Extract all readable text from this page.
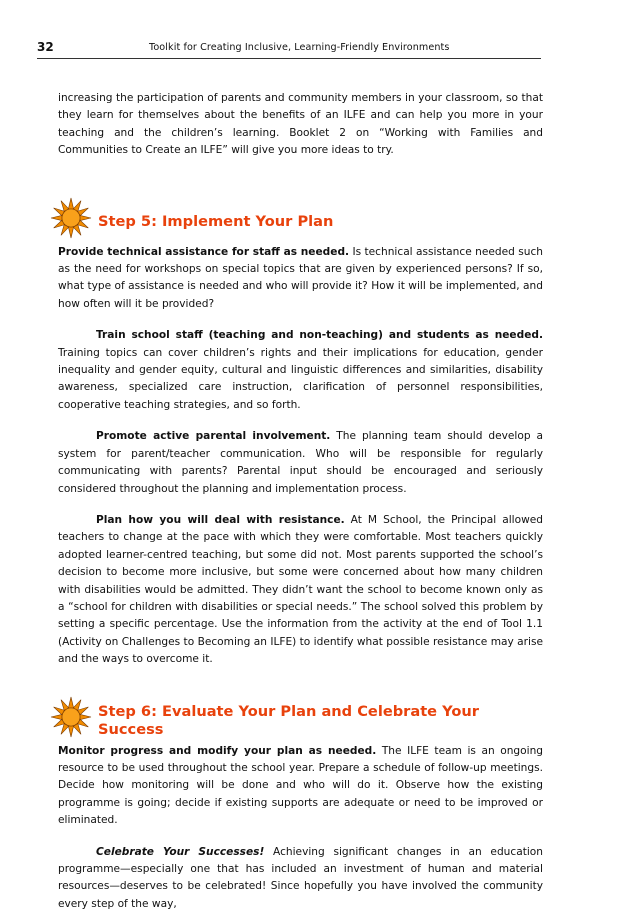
32	Toolkit for Creating Inclusive, Learning-Friendly Environments

increasing the participation of parents and community members in your classroom, so that they learn for themselves about the benefits of an ILFE and can help you more in your teaching and the children’s learning. Booklet 2 on “Working with Families and Communities to Create an ILFE” will give you more ideas to try.

Step 5: Implement Your Plan

Provide technical assistance for staff as needed. Is technical assistance needed such as the need for workshops on special topics that are given by experienced persons? If so, what type of assistance is needed and who will provide it? How it will be implemented, and how often will it be provided?

Train school staff (teaching and non-teaching) and students as needed. Training topics can cover children’s rights and their implications for education, gender inequality and gender equity, cultural and linguistic differences and similarities, disability awareness, specialized care instruction, clarification of personnel responsibilities, cooperative teaching strategies, and so forth.

Promote active parental involvement. The planning team should develop a system for parent/teacher communication. Who will be responsible for regularly communicating with parents? Parental input should be encouraged and seriously considered throughout the planning and implementation process.

Plan how you will deal with resistance. At M School, the Principal allowed teachers to change at the pace with which they were comfortable. Most teachers quickly adopted learner-centred teaching, but some did not. Most parents supported the school’s decision to become more inclusive, but some were concerned about how many children with disabilities would be admitted. They didn’t want the school to become known only as a “school for children with disabilities or special needs.” The school solved this problem by setting a specific percentage. Use the information from the activity at the end of Tool 1.1 (Activity on Challenges to Becoming an ILFE) to identify what possible resistance may arise and the ways to overcome it.

Step 6: Evaluate Your Plan and Celebrate Your Success

Monitor progress and modify your plan as needed. The ILFE team is an ongoing resource to be used throughout the school year. Prepare a schedule of follow-up meetings. Decide how monitoring will be done and who will do it. Observe how the existing programme is going; decide if existing supports are adequate or need to be improved or eliminated.

Celebrate Your Successes! Achieving significant changes in an education programme—especially one that has included an investment of human and material resources—deserves to be celebrated! Since hopefully you have involved the community every step of the way,
